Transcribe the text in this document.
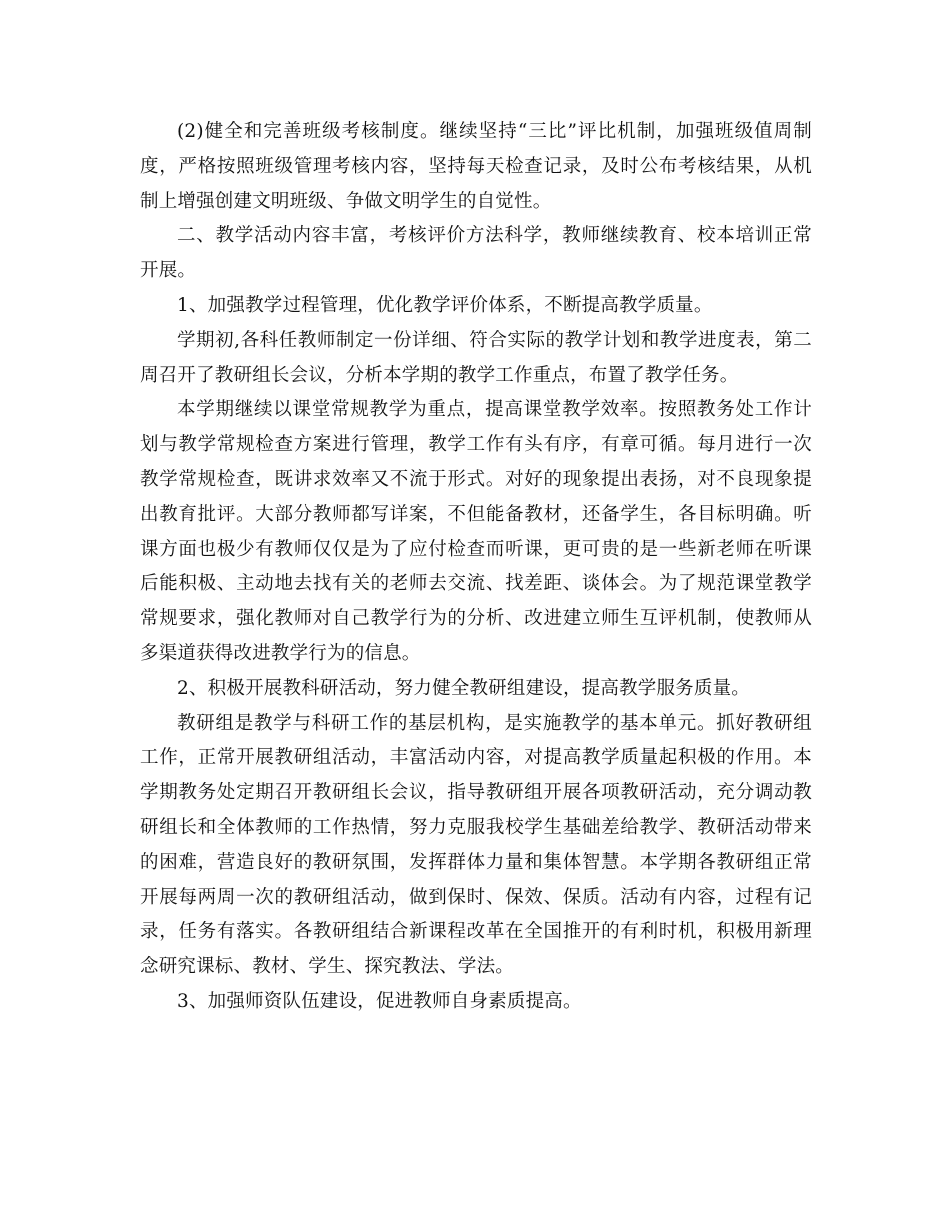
(2)健全和完善班级考核制度。继续坚持“三比”评比机制，加强班级值周制度，严格按照班级管理考核内容，坚持每天检查记录，及时公布考核结果，从机制上增强创建文明班级、争做文明学生的自觉性。

二、教学活动内容丰富，考核评价方法科学，教师继续教育、校本培训正常开展。

1、加强教学过程管理，优化教学评价体系，不断提高教学质量。

学期初,各科任教师制定一份详细、符合实际的教学计划和教学进度表，第二周召开了教研组长会议，分析本学期的教学工作重点，布置了教学任务。

本学期继续以课堂常规教学为重点，提高课堂教学效率。按照教务处工作计划与教学常规检查方案进行管理，教学工作有头有序，有章可循。每月进行一次教学常规检查，既讲求效率又不流于形式。对好的现象提出表扬，对不良现象提出教育批评。大部分教师都写详案，不但能备教材，还备学生，各目标明确。听课方面也极少有教师仅仅是为了应付检查而听课，更可贵的是一些新老师在听课后能积极、主动地去找有关的老师去交流、找差距、谈体会。为了规范课堂教学常规要求，强化教师对自己教学行为的分析、改进建立师生互评机制，使教师从多渠道获得改进教学行为的信息。

2、积极开展教科研活动，努力健全教研组建设，提高教学服务质量。

教研组是教学与科研工作的基层机构，是实施教学的基本单元。抓好教研组工作，正常开展教研组活动，丰富活动内容，对提高教学质量起积极的作用。本学期教务处定期召开教研组长会议，指导教研组开展各项教研活动，充分调动教研组长和全体教师的工作热情，努力克服我校学生基础差给教学、教研活动带来的困难，营造良好的教研氛围，发挥群体力量和集体智慧。本学期各教研组正常开展每两周一次的教研组活动，做到保时、保效、保质。活动有内容，过程有记录，任务有落实。各教研组结合新课程改革在全国推开的有利时机，积极用新理念研究课标、教材、学生、探究教法、学法。

3、加强师资队伍建设，促进教师自身素质提高。
